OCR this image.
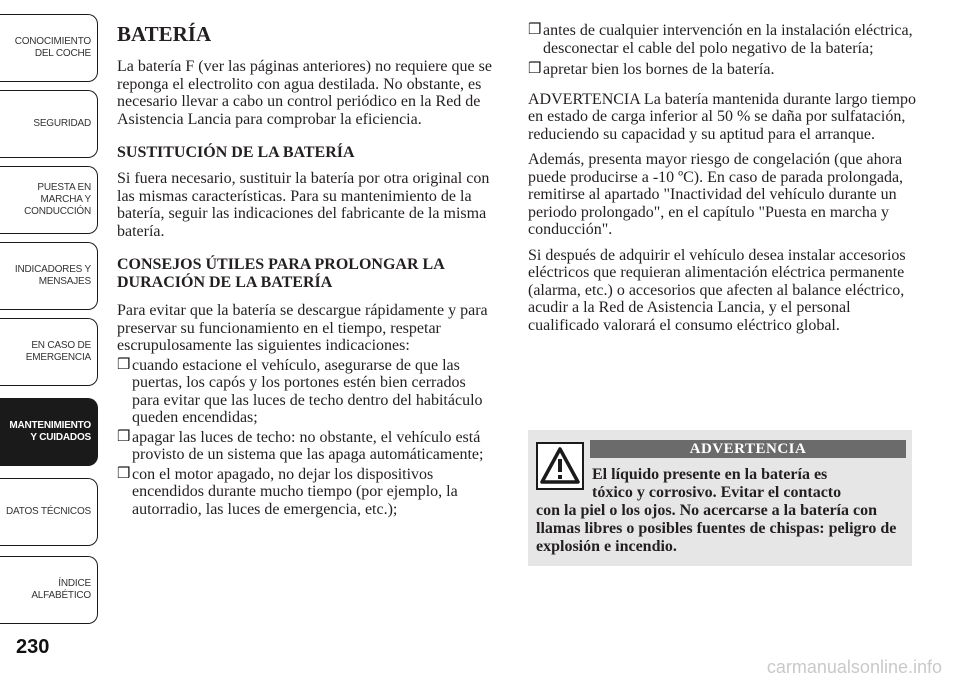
CONOCIMIENTO
DEL COCHE
SEGURIDAD
PUESTA EN
MARCHA Y
CONDUCCIÓN
INDICADORES Y
MENSAJES
EN CASO DE
EMERGENCIA
MANTENIMIENTO
Y CUIDADOS
DATOS TÉCNICOS
ÍNDICE
ALFABÉTICO
230
BATERÍA

La batería F (ver las páginas anteriores) no requiere que se reponga el electrolito con agua destilada. No obstante, es necesario llevar a cabo un control periódico en la Red de Asistencia Lancia para comprobar la eficiencia.

SUSTITUCIÓN DE LA BATERÍA

Si fuera necesario, sustituir la batería por otra original con las mismas características. Para su mantenimiento de la batería, seguir las indicaciones del fabricante de la misma batería.

CONSEJOS ÚTILES PARA PROLONGAR LA DURACIÓN DE LA BATERÍA

Para evitar que la batería se descargue rápidamente y para preservar su funcionamiento en el tiempo, respetar escrupulosamente las siguientes indicaciones:

❒ cuando estacione el vehículo, asegurarse de que las puertas, los capós y los portones estén bien cerrados para evitar que las luces de techo dentro del habitáculo queden encendidas;
❒ apagar las luces de techo: no obstante, el vehículo está provisto de un sistema que las apaga automáticamente;
❒ con el motor apagado, no dejar los dispositivos encendidos durante mucho tiempo (por ejemplo, la autorradio, las luces de emergencia, etc.);
❒ antes de cualquier intervención en la instalación eléctrica, desconectar el cable del polo negativo de la batería;
❒ apretar bien los bornes de la batería.

ADVERTENCIA La batería mantenida durante largo tiempo en estado de carga inferior al 50 % se daña por sulfatación, reduciendo su capacidad y su aptitud para el arranque.

Además, presenta mayor riesgo de congelación (que ahora puede producirse a -10 ºC). En caso de parada prolongada, remitirse al apartado "Inactividad del vehículo durante un periodo prolongado", en el capítulo "Puesta en marcha y conducción".

Si después de adquirir el vehículo desea instalar accesorios eléctricos que requieran alimentación eléctrica permanente (alarma, etc.) o accesorios que afecten al balance eléctrico, acudir a la Red de Asistencia Lancia, y el personal cualificado valorará el consumo eléctrico global.

ADVERTENCIA
El líquido presente en la batería es
tóxico y corrosivo. Evitar el contacto
con la piel o los ojos. No acercarse a la batería con llamas libres o posibles fuentes de chispas: peligro de explosión e incendio.
carmanualsonline.info
